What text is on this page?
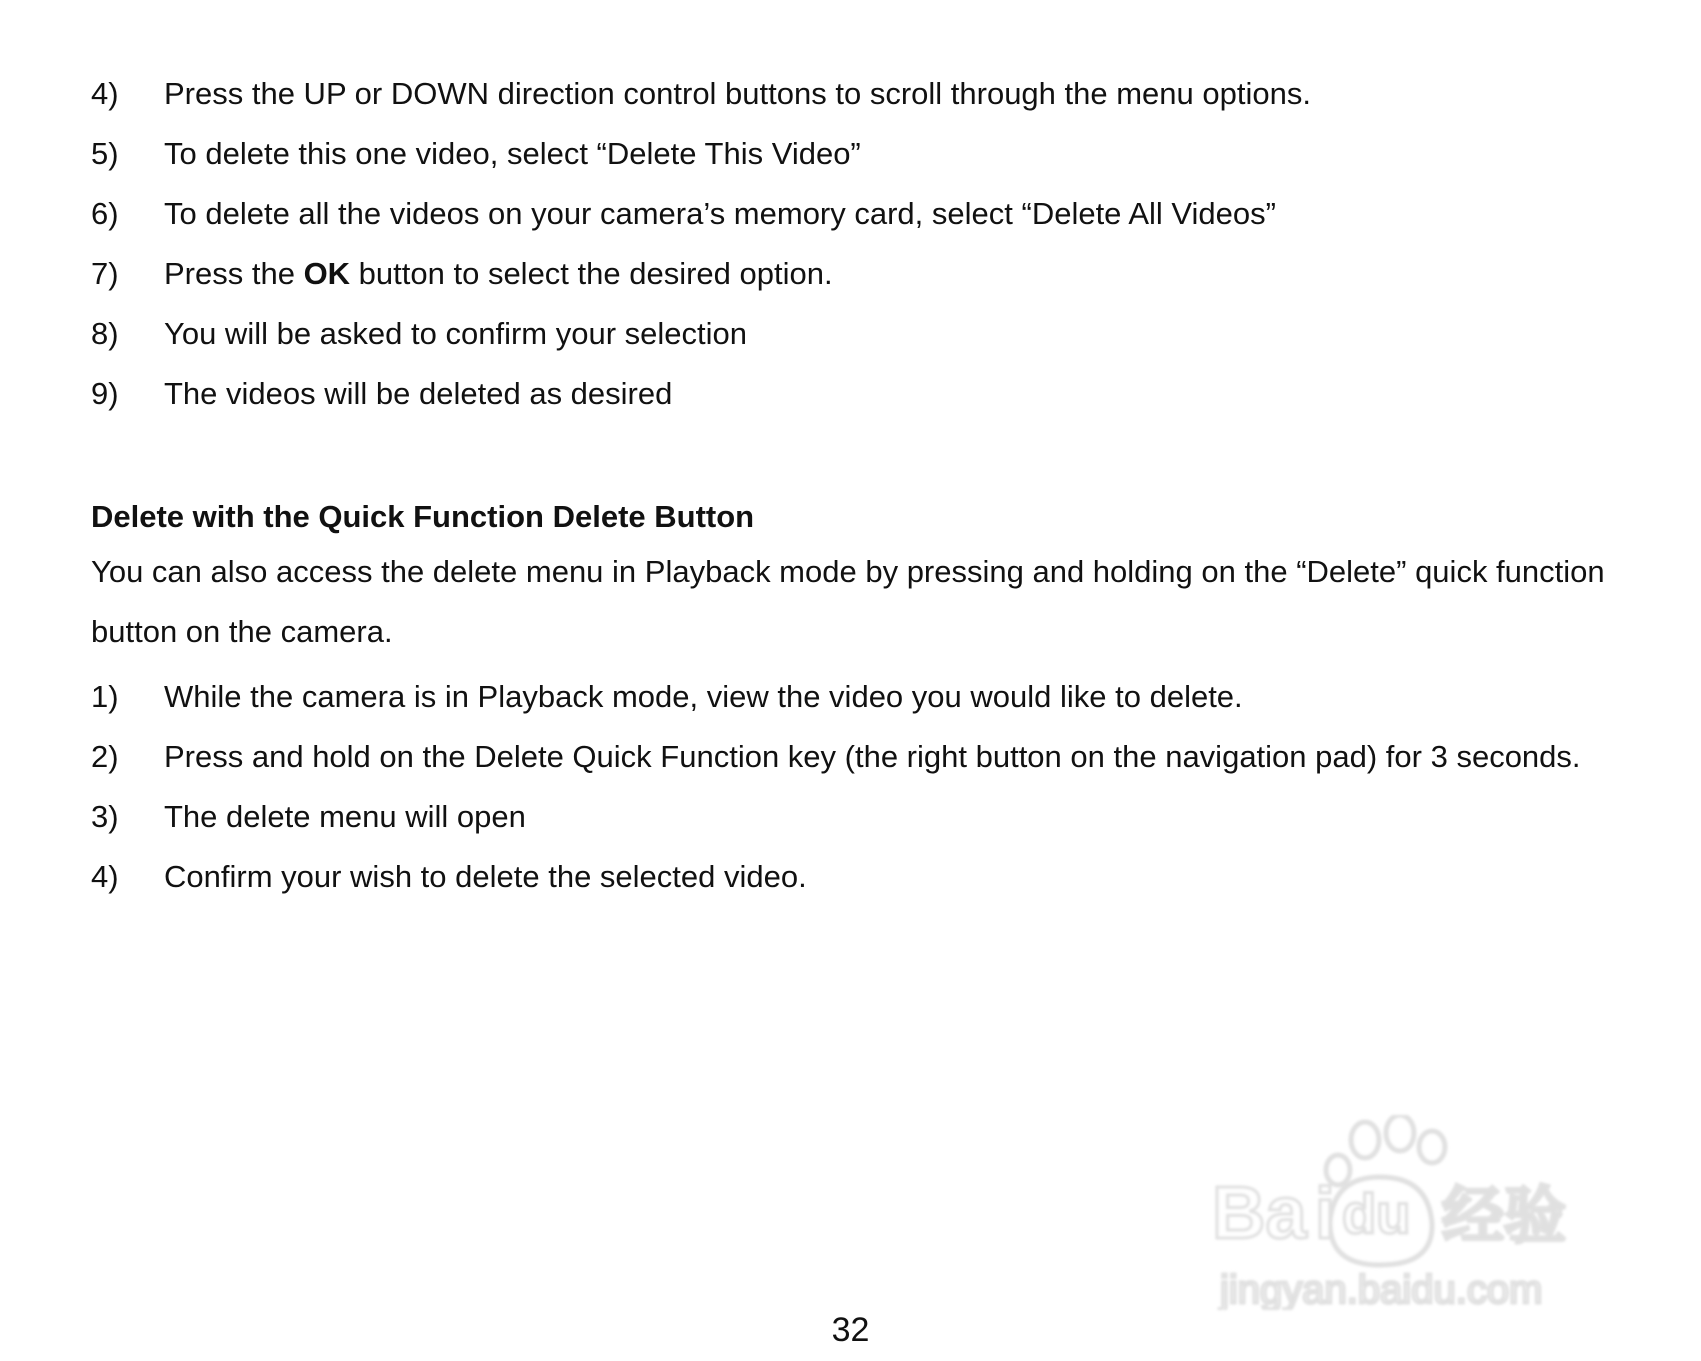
4)	Press the UP or DOWN direction control buttons to scroll through the menu options.
5)	To delete this one video, select “Delete This Video”
6)	To delete all the videos on your camera’s memory card, select “Delete All Videos”
7)	Press the OK button to select the desired option.
8)	You will be asked to confirm your selection
9)	The videos will be deleted as desired
Delete with the Quick Function Delete Button
You can also access the delete menu in Playback mode by pressing and holding on the “Delete” quick function
button on the camera.
1)	While the camera is in Playback mode, view the video you would like to delete.
2)	Press and hold on the Delete Quick Function key (the right button on the navigation pad) for 3 seconds.
3)	The delete menu will open
4)	Confirm your wish to delete the selected video.
Ba i du 经验
jingyan.baidu.com
32
